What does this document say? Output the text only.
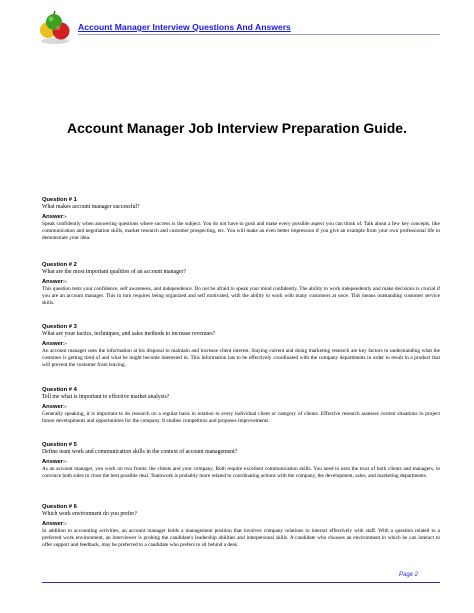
Account Manager Interview Questions And Answers
Account Manager Job Interview Preparation Guide.
Question # 1
What makes account manager successful?
Answer:-
Speak confidently when answering questions where success is the subject. You do not have to gush and make every possible aspect you can think of. Talk about a few key concepts, like communication and negotiation skills, market research and customer prospecting, etc. You will make an even better impression if you give an example from your own professional life to demonstrate your idea.
Question # 2
What are the most important qualities of an account manager?
Answer:-
This question tests your confidence, self awareness, and independence. Do not be afraid to speak your mind confidently. The ability to work independently and make decisions is crucial if you are an account manager. This in turn requires being organized and self motivated, with the ability to work with many customers at once. This means outstanding customer service skills.
Question # 3
What are your tactics, techniques, and sales methods to increase revenues?
Answer:-
An account manager uses the information at his disposal to maintain and increase client interest. Staying current and doing marketing research are key factors to understanding what the customer is getting tired of and what he might become interested in. This information has to be effectively coordinated with the company departments in order to result in a product that will prevent the customer from leaving.
Question # 4
Tell me what is important to effective market analysis?
Answer:-
Generally speaking, it is important to do research on a regular basis in relation to every individual client or category of clients. Effective research assesses current situations to project future developments and opportunities for the company. It studies competitors and proposes improvements.
Question # 5
Define team work and communication skills in the context of account management?
Answer:-
As an account manager, you work on two fronts: the clients and your company. Both require excellent communication skills. You need to earn the trust of both clients and managers, to convince both sides to close the best possible deal. Teamwork is probably more related to coordinating actions with the company, the development, sales, and marketing departments.
Question # 6
Which work environment do you prefer?
Answer:-
In addition to accounting activities, an account manager holds a management position that involves company relations to interact effectively with staff. With a question related to a preferred work environment, an interviewer is probing the candidate's leadership abilities and interpersonal skills. A candidate who chooses an environment in which he can interact to offer support and feedback, may be preferred to a candidate who prefers to sit behind a desk.
Page 2
